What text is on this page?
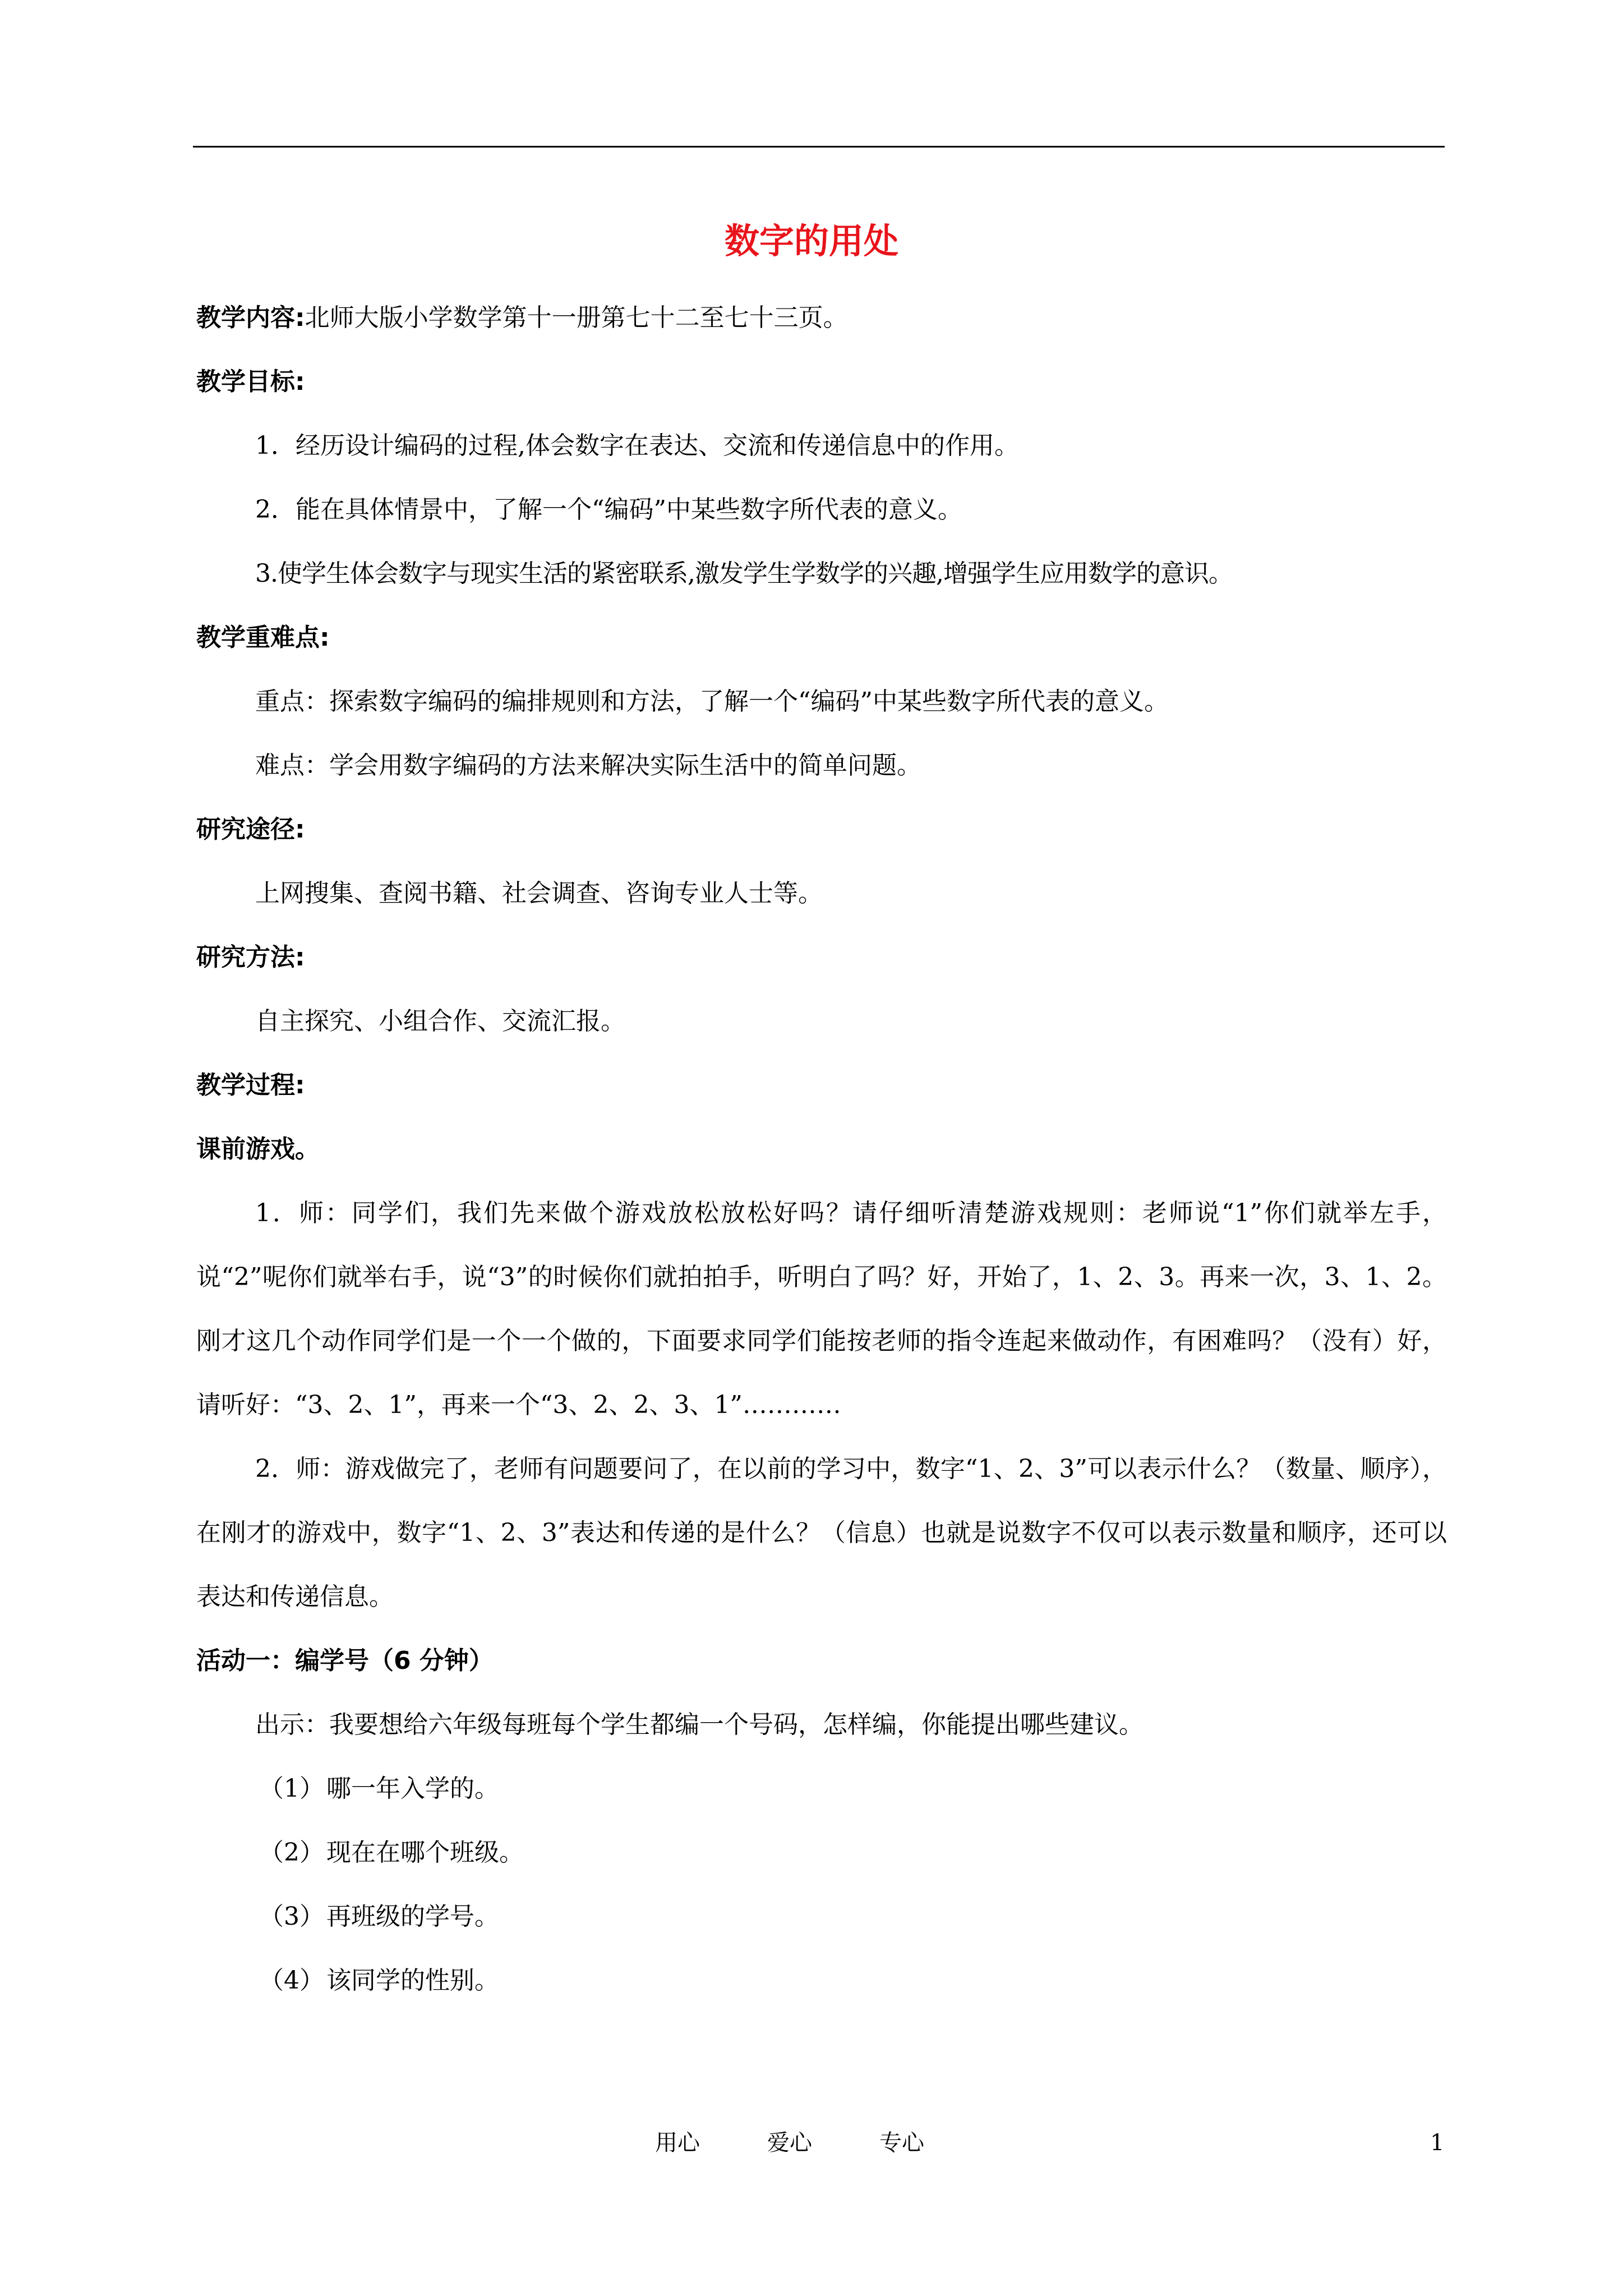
数字的用处

教学内容:北师大版小学数学第十一册第七十二至七十三页。

教学目标:

1．经历设计编码的过程,体会数字在表达、交流和传递信息中的作用。

2．能在具体情景中，了解一个“编码”中某些数字所代表的意义。

3.使学生体会数字与现实生活的紧密联系,激发学生学数学的兴趣,增强学生应用数学的意识。

教学重难点:

重点：探索数字编码的编排规则和方法，了解一个“编码”中某些数字所代表的意义。

难点：学会用数字编码的方法来解决实际生活中的简单问题。

研究途径:

上网搜集、查阅书籍、社会调查、咨询专业人士等。

研究方法:

自主探究、小组合作、交流汇报。

教学过程:

课前游戏。

1．师：同学们，我们先来做个游戏放松放松好吗？请仔细听清楚游戏规则：老师说“1”你们就举左手，说“2”呢你们就举右手，说“3”的时候你们就拍拍手，听明白了吗？好，开始了，1、2、3。再来一次，3、1、2。刚才这几个动作同学们是一个一个做的，下面要求同学们能按老师的指令连起来做动作，有困难吗？（没有）好，请听好：“3、2、1”，再来一个“3、2、2、3、1”…………

2．师：游戏做完了，老师有问题要问了，在以前的学习中，数字“1、2、3”可以表示什么？（数量、顺序），在刚才的游戏中，数字“1、2、3”表达和传递的是什么？（信息）也就是说数字不仅可以表示数量和顺序，还可以表达和传递信息。

活动一：编学号（6 分钟）

出示：我要想给六年级每班每个学生都编一个号码，怎样编，你能提出哪些建议。

（1）哪一年入学的。

（2）现在在哪个班级。

（3）再班级的学号。

（4）该同学的性别。

用心	爱心	专心	1
